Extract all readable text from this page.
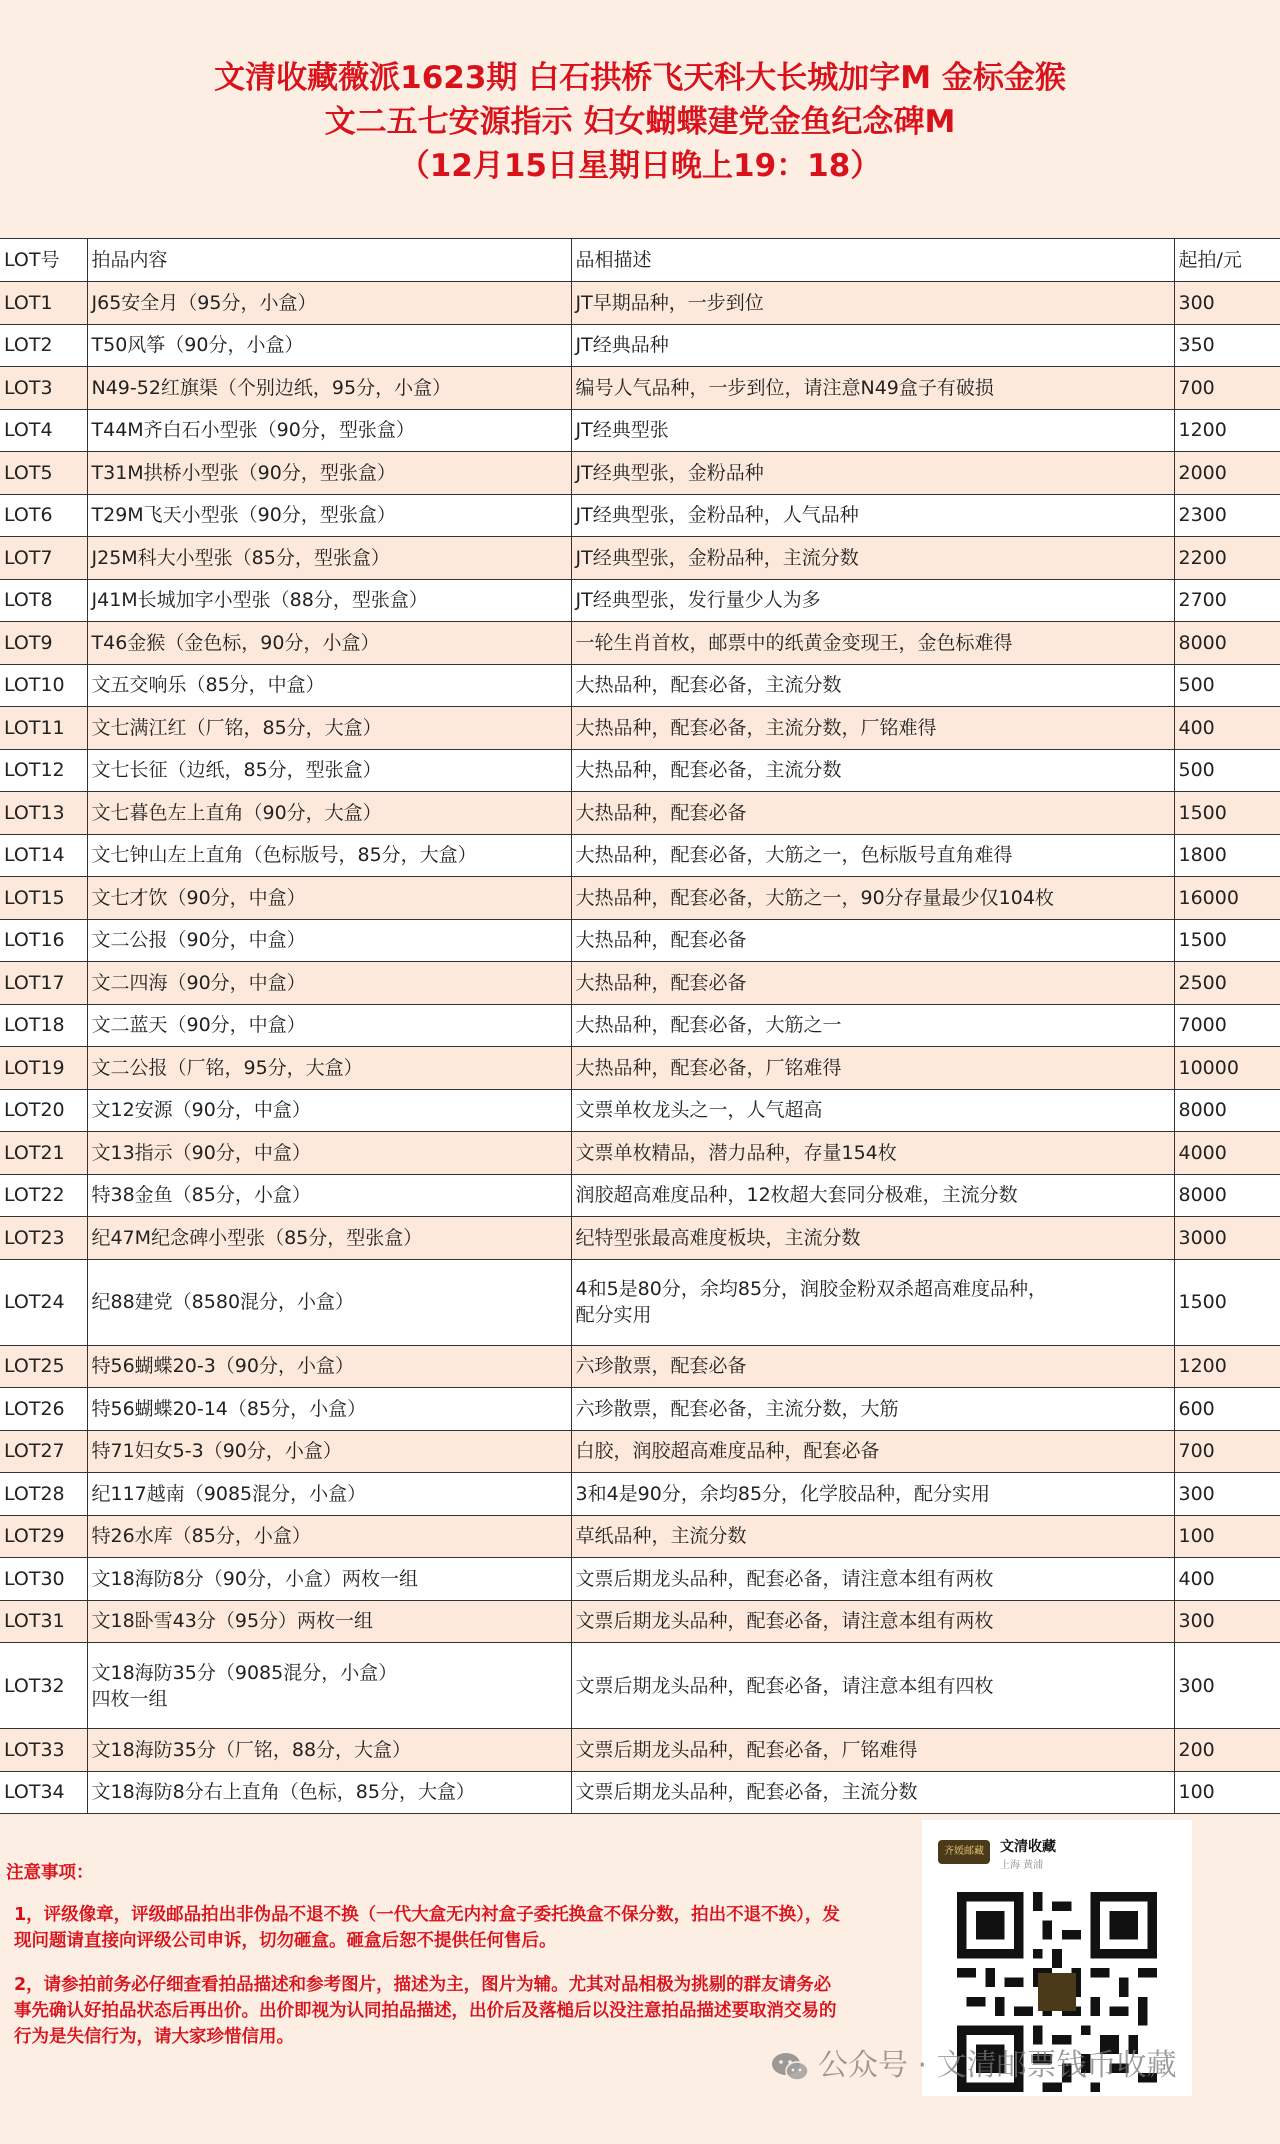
文清收藏薇派1623期 白石拱桥飞天科大长城加字M 金标金猴
文二五七安源指示 妇女蝴蝶建党金鱼纪念碑M
（12月15日星期日晚上19：18）
LOT号	拍品内容	品相描述	起拍/元
LOT1	J65安全月（95分，小盒）	JT早期品种，一步到位	300
LOT2	T50风筝（90分，小盒）	JT经典品种	350
LOT3	N49-52红旗渠（个别边纸，95分，小盒）	编号人气品种，一步到位，请注意N49盒子有破损	700
LOT4	T44M齐白石小型张（90分，型张盒）	JT经典型张	1200
LOT5	T31M拱桥小型张（90分，型张盒）	JT经典型张，金粉品种	2000
LOT6	T29M飞天小型张（90分，型张盒）	JT经典型张，金粉品种，人气品种	2300
LOT7	J25M科大小型张（85分，型张盒）	JT经典型张，金粉品种，主流分数	2200
LOT8	J41M长城加字小型张（88分，型张盒）	JT经典型张，发行量少人为多	2700
LOT9	T46金猴（金色标，90分，小盒）	一轮生肖首枚，邮票中的纸黄金变现王，金色标难得	8000
LOT10	文五交响乐（85分，中盒）	大热品种，配套必备，主流分数	500
LOT11	文七满江红（厂铭，85分，大盒）	大热品种，配套必备，主流分数，厂铭难得	400
LOT12	文七长征（边纸，85分，型张盒）	大热品种，配套必备，主流分数	500
LOT13	文七暮色左上直角（90分，大盒）	大热品种，配套必备	1500
LOT14	文七钟山左上直角（色标版号，85分，大盒）	大热品种，配套必备，大筋之一，色标版号直角难得	1800
LOT15	文七才饮（90分，中盒）	大热品种，配套必备，大筋之一，90分存量最少仅104枚	16000
LOT16	文二公报（90分，中盒）	大热品种，配套必备	1500
LOT17	文二四海（90分，中盒）	大热品种，配套必备	2500
LOT18	文二蓝天（90分，中盒）	大热品种，配套必备，大筋之一	7000
LOT19	文二公报（厂铭，95分，大盒）	大热品种，配套必备，厂铭难得	10000
LOT20	文12安源（90分，中盒）	文票单枚龙头之一，人气超高	8000
LOT21	文13指示（90分，中盒）	文票单枚精品，潜力品种，存量154枚	4000
LOT22	特38金鱼（85分，小盒）	润胶超高难度品种，12枚超大套同分极难，主流分数	8000
LOT23	纪47M纪念碑小型张（85分，型张盒）	纪特型张最高难度板块，主流分数	3000
LOT24	纪88建党（8580混分，小盒）	4和5是80分，余均85分，润胶金粉双杀超高难度品种，
配分实用	1500
LOT25	特56蝴蝶20-3（90分，小盒）	六珍散票，配套必备	1200
LOT26	特56蝴蝶20-14（85分，小盒）	六珍散票，配套必备，主流分数，大筋	600
LOT27	特71妇女5-3（90分，小盒）	白胶，润胶超高难度品种，配套必备	700
LOT28	纪117越南（9085混分，小盒）	3和4是90分，余均85分，化学胶品种，配分实用	300
LOT29	特26水库（85分，小盒）	草纸品种，主流分数	100
LOT30	文18海防8分（90分，小盒）两枚一组	文票后期龙头品种，配套必备，请注意本组有两枚	400
LOT31	文18卧雪43分（95分）两枚一组	文票后期龙头品种，配套必备，请注意本组有两枚	300
LOT32	文18海防35分（9085混分，小盒）
四枚一组	文票后期龙头品种，配套必备，请注意本组有四枚	300
LOT33	文18海防35分（厂铭，88分，大盒）	文票后期龙头品种，配套必备，厂铭难得	200
LOT34	文18海防8分右上直角（色标，85分，大盒）	文票后期龙头品种，配套必备，主流分数	100
注意事项：
1，评级像章，评级邮品拍出非伪品不退不换（一代大盒无内衬盒子委托换盒不保分数，拍出不退不换），发现问题请直接向评级公司申诉，切勿砸盒。砸盒后恕不提供任何售后。
2，请参拍前务必仔细查看拍品描述和参考图片，描述为主，图片为辅。尤其对品相极为挑剔的群友请务必事先确认好拍品状态后再出价。出价即视为认同拍品描述，出价后及落槌后以没注意拍品描述要取消交易的行为是失信行为，请大家珍惜信用。
齐媛邮藏	文清收藏
上海 黄浦
公众号 · 文清邮票钱币收藏
